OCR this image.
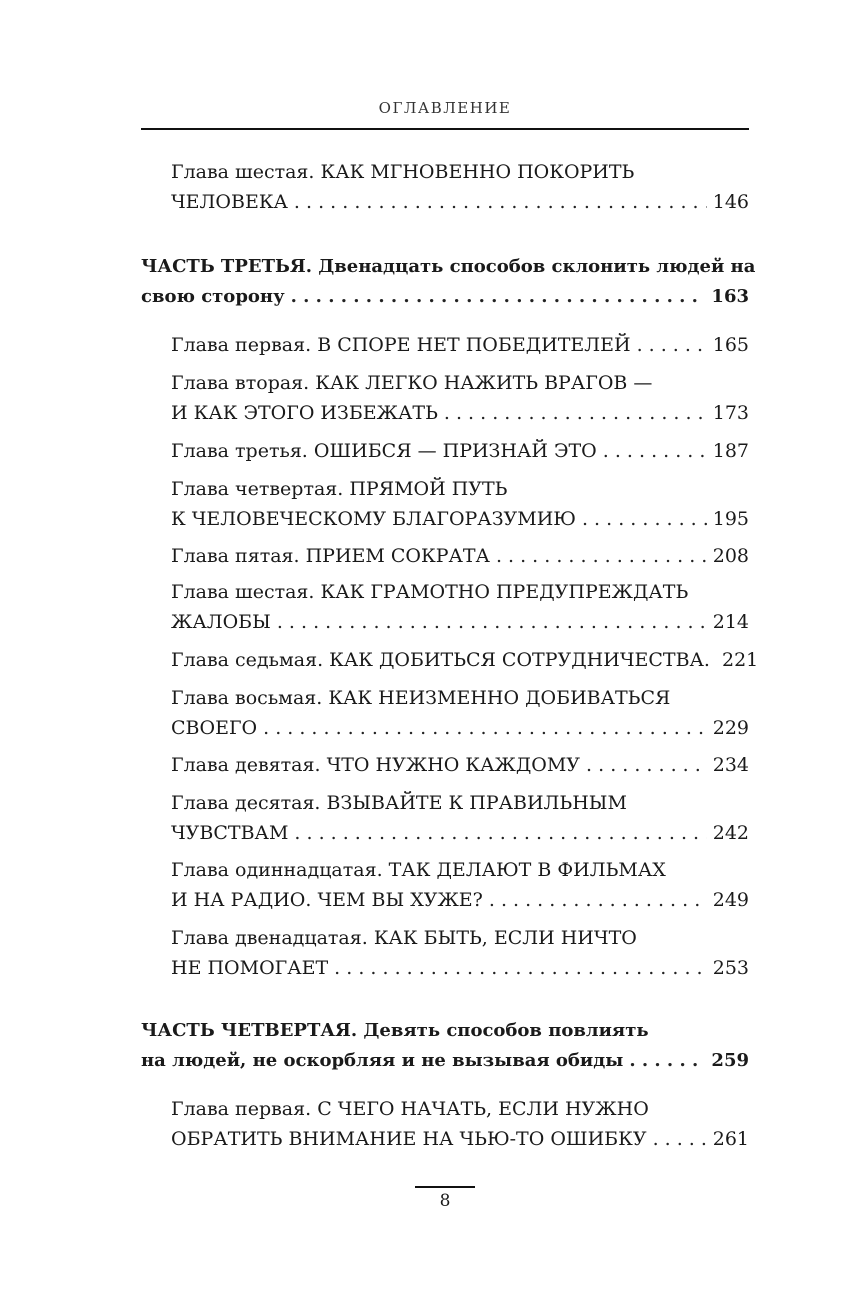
ОГЛАВЛЕНИЕ
Глава шестая. КАК МГНОВЕННО ПОКОРИТЬ
ЧЕЛОВЕКА . . .	146
ЧАСТЬ ТРЕТЬЯ. Двенадцать способов склонить людей на
свою сторону . . .	163
Глава первая. В СПОРЕ НЕТ ПОБЕДИТЕЛЕЙ . . .	165
Глава вторая. КАК ЛЕГКО НАЖИТЬ ВРАГОВ —
И КАК ЭТОГО ИЗБЕЖАТЬ . . .	173
Глава третья. ОШИБСЯ — ПРИЗНАЙ ЭТО . . .	187
Глава четвертая. ПРЯМОЙ ПУТЬ
К ЧЕЛОВЕЧЕСКОМУ БЛАГОРАЗУМИЮ . . .	195
Глава пятая. ПРИЕМ СОКРАТА . . .	208
Глава шестая. КАК ГРАМОТНО ПРЕДУПРЕЖДАТЬ
ЖАЛОБЫ . . .	214
Глава седьмая. КАК ДОБИТЬСЯ СОТРУДНИЧЕСТВА. 221
Глава восьмая. КАК НЕИЗМЕННО ДОБИВАТЬСЯ
СВОЕГО . . .	229
Глава девятая. ЧТО НУЖНО КАЖДОМУ . . .	234
Глава десятая. ВЗЫВАЙТЕ К ПРАВИЛЬНЫМ
ЧУВСТВАМ . . .	242
Глава одиннадцатая. ТАК ДЕЛАЮТ В ФИЛЬМАХ
И НА РАДИО. ЧЕМ ВЫ ХУЖЕ? . . .	249
Глава двенадцатая. КАК БЫТЬ, ЕСЛИ НИЧТО
НЕ ПОМОГАЕТ . . .	253
ЧАСТЬ ЧЕТВЕРТАЯ. Девять способов повлиять
на людей, не оскорбляя и не вызывая обиды . . .	259
Глава первая. С ЧЕГО НАЧАТЬ, ЕСЛИ НУЖНО
ОБРАТИТЬ ВНИМАНИЕ НА ЧЬЮ-ТО ОШИБКУ . . .	261
8
